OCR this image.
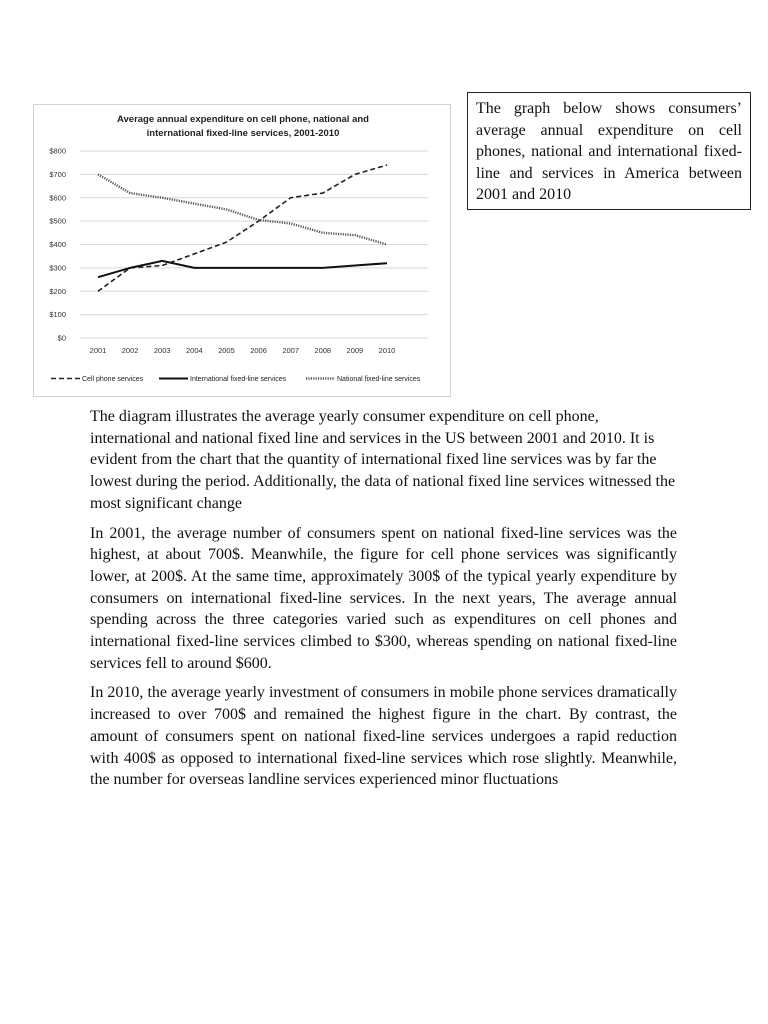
Average annual expenditure on cell phone, national and
international fixed-line services, 2001-2010
$0
$100
$200
$300
$400
$500
$600
$700
$800
2001 2002 2003 2004 2005 2006 2007 2008 2009 2010
Cell phone services	International fixed-line services	National fixed-line services
The graph below shows consumers’ average annual expenditure on cell phones, national and international fixed-line and services in America between 2001 and 2010

The diagram illustrates the average yearly consumer expenditure on cell phone, international and national fixed line and services in the US between 2001 and 2010. It is evident from the chart that the quantity of international fixed line services was by far the lowest during the period. Additionally, the data of national fixed line services witnessed the most significant change

In 2001, the average number of consumers spent on national fixed-line services was the highest, at about 700$. Meanwhile, the figure for cell phone services was significantly lower, at 200$. At the same time, approximately 300$ of the typical yearly expenditure by consumers on international fixed-line services. In the next years, The average annual spending across the three categories varied such as expenditures on cell phones and international fixed-line services climbed to $300, whereas spending on national fixed-line services fell to around $600.

In 2010, the average yearly investment of consumers in mobile phone services dramatically increased to over 700$ and remained the highest figure in the chart. By contrast, the amount of consumers spent on national fixed-line services undergoes a rapid reduction with 400$ as opposed to international fixed-line services which rose slightly. Meanwhile, the number for overseas landline services experienced minor fluctuations
